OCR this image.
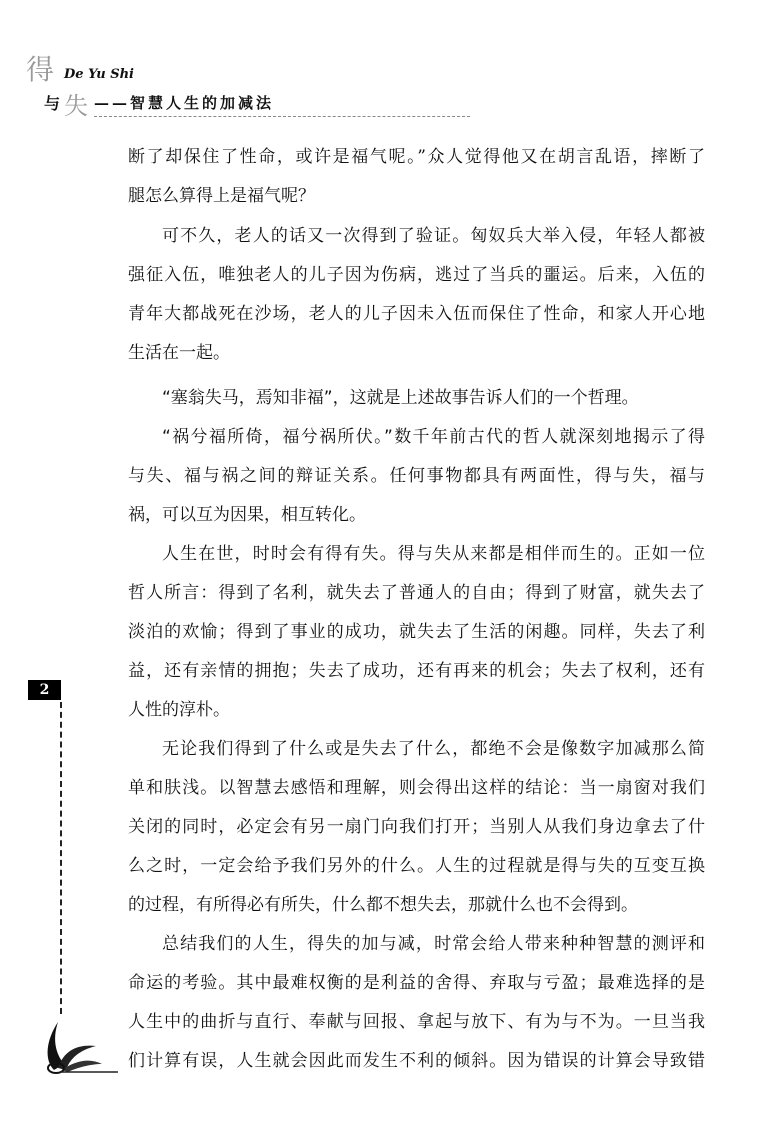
得 De Yu Shi
与 失 ——智慧人生的加减法
断了却保住了性命，或许是福气呢。”众人觉得他又在胡言乱语，摔断了
腿怎么算得上是福气呢？
可不久，老人的话又一次得到了验证。匈奴兵大举入侵，年轻人都被
强征入伍，唯独老人的儿子因为伤病，逃过了当兵的噩运。后来，入伍的
青年大都战死在沙场，老人的儿子因未入伍而保住了性命，和家人开心地
生活在一起。
“塞翁失马，焉知非福”，这就是上述故事告诉人们的一个哲理。
“祸兮福所倚，福兮祸所伏。”数千年前古代的哲人就深刻地揭示了得
与失、福与祸之间的辩证关系。任何事物都具有两面性，得与失，福与
祸，可以互为因果，相互转化。
人生在世，时时会有得有失。得与失从来都是相伴而生的。正如一位
哲人所言：得到了名利，就失去了普通人的自由；得到了财富，就失去了
淡泊的欢愉；得到了事业的成功，就失去了生活的闲趣。同样，失去了利
益，还有亲情的拥抱；失去了成功，还有再来的机会；失去了权利，还有
人性的淳朴。
无论我们得到了什么或是失去了什么，都绝不会是像数字加减那么简
单和肤浅。以智慧去感悟和理解，则会得出这样的结论：当一扇窗对我们
关闭的同时，必定会有另一扇门向我们打开；当别人从我们身边拿去了什
么之时，一定会给予我们另外的什么。人生的过程就是得与失的互变互换
的过程，有所得必有所失，什么都不想失去，那就什么也不会得到。
总结我们的人生，得失的加与减，时常会给人带来种种智慧的测评和
命运的考验。其中最难权衡的是利益的舍得、弃取与亏盈；最难选择的是
人生中的曲折与直行、奉献与回报、拿起与放下、有为与不为。一旦当我
们计算有误，人生就会因此而发生不利的倾斜。因为错误的计算会导致错
2
